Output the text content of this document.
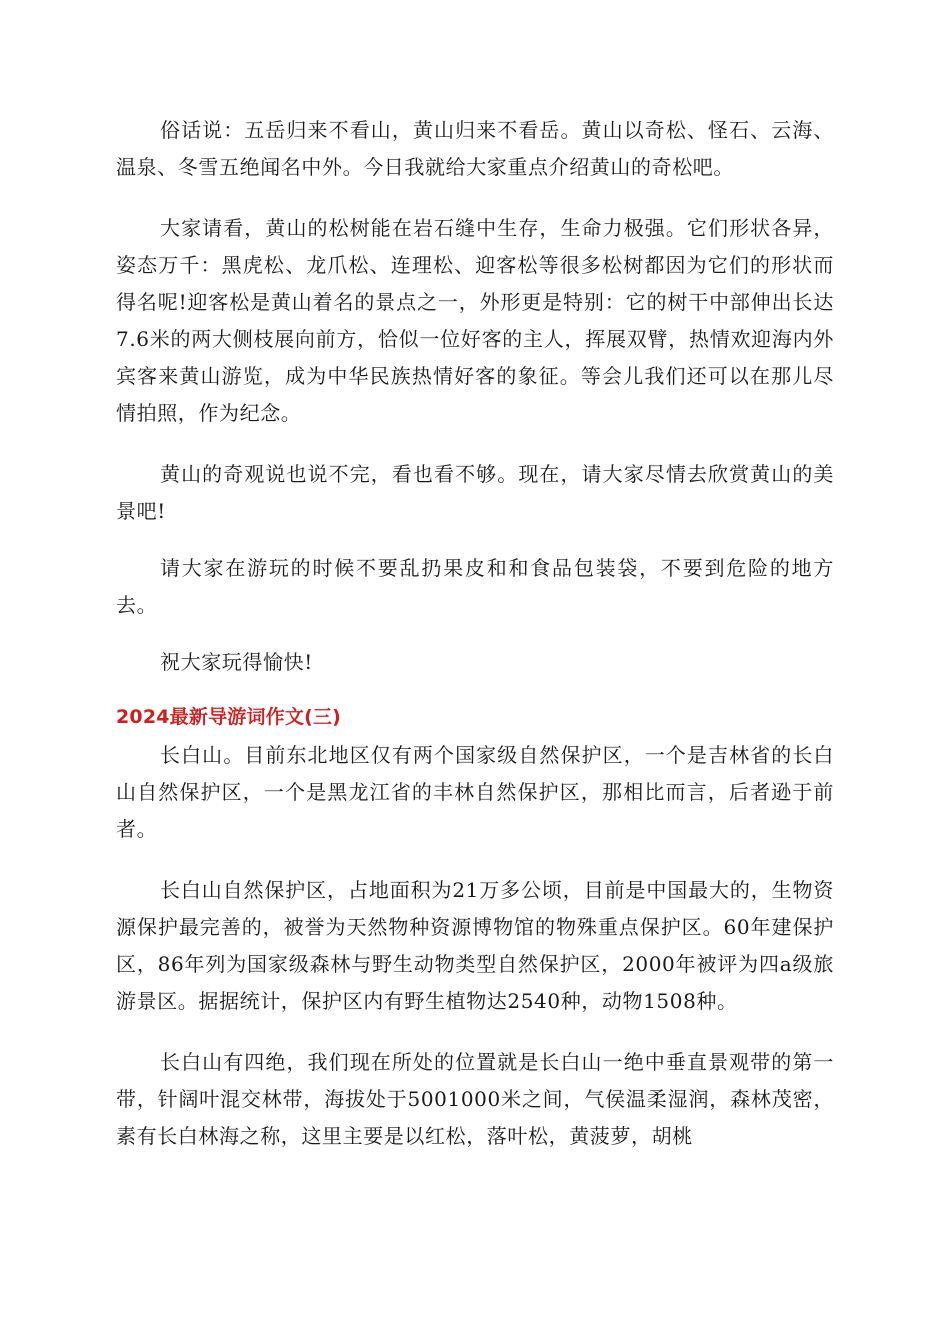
俗话说：五岳归来不看山，黄山归来不看岳。黄山以奇松、怪石、云海、温泉、冬雪五绝闻名中外。今日我就给大家重点介绍黄山的奇松吧。

大家请看，黄山的松树能在岩石缝中生存，生命力极强。它们形状各异，姿态万千：黑虎松、龙爪松、连理松、迎客松等很多松树都因为它们的形状而得名呢!迎客松是黄山着名的景点之一，外形更是特别：它的树干中部伸出长达7.6米的两大侧枝展向前方，恰似一位好客的主人，挥展双臂，热情欢迎海内外宾客来黄山游览，成为中华民族热情好客的象征。等会儿我们还可以在那儿尽情拍照，作为纪念。

黄山的奇观说也说不完，看也看不够。现在，请大家尽情去欣赏黄山的美景吧!

请大家在游玩的时候不要乱扔果皮和和食品包装袋，不要到危险的地方去。

祝大家玩得愉快!

2024最新导游词作文(三)

长白山。目前东北地区仅有两个国家级自然保护区，一个是吉林省的长白山自然保护区，一个是黑龙江省的丰林自然保护区，那相比而言，后者逊于前者。

长白山自然保护区，占地面积为21万多公顷，目前是中国最大的，生物资源保护最完善的，被誉为天然物种资源博物馆的物殊重点保护区。60年建保护区，86年列为国家级森林与野生动物类型自然保护区，2000年被评为四a级旅游景区。据据统计，保护区内有野生植物达2540种，动物1508种。

长白山有四绝，我们现在所处的位置就是长白山一绝中垂直景观带的第一带，针阔叶混交林带，海拔处于5001000米之间，气侯温柔湿润，森林茂密，素有长白林海之称，这里主要是以红松，落叶松，黄菠萝，胡桃
